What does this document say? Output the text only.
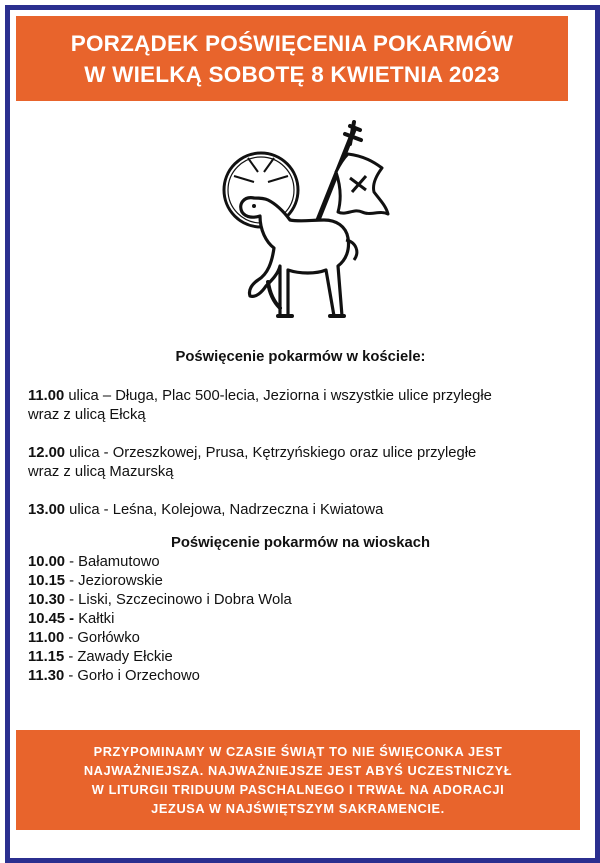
PORZĄDEK POŚWIĘCENIA POKARMÓW
W WIELKĄ SOBOTĘ 8 KWIETNIA 2023

Poświęcenie pokarmów w kościele:

11.00 ulica – Długa, Plac 500-lecia, Jeziorna i wszystkie ulice przyległe
wraz z ulicą Ełcką

12.00 ulica - Orzeszkowej, Prusa, Kętrzyńskiego oraz ulice przyległe
wraz z ulicą Mazurską

13.00 ulica - Leśna, Kolejowa, Nadrzeczna i Kwiatowa

Poświęcenie pokarmów na wioskach

10.00 - Bałamutowo
10.15 - Jeziorowskie
10.30 - Liski, Szczecinowo i Dobra Wola
10.45 - Kałtki
11.00 - Gorłówko
11.15 - Zawady Ełckie
11.30 - Gorło i Orzechowo
PRZYPOMINAMY W CZASIE ŚWIĄT TO NIE ŚWIĘCONKA JEST
NAJWAŻNIEJSZA. NAJWAŻNIEJSZE JEST ABYŚ UCZESTNICZYŁ
W LITURGII TRIDUUM PASCHALNEGO I TRWAŁ NA ADORACJI
JEZUSA W NAJŚWIĘTSZYM SAKRAMENCIE.
